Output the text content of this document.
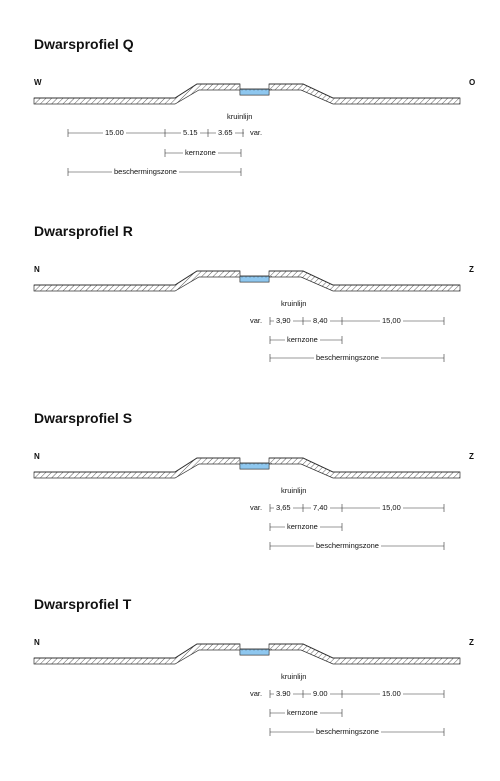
Dwarsprofiel Q
W	O
kruinlijn
15.00	5.15	3.65 var.
kernzone
beschermingszone
Dwarsprofiel R
N	Z
kruinlijn
var. 3,90	8,40	15,00
kernzone
beschermingszone
Dwarsprofiel S
N	Z
kruinlijn
var. 3,65	7,40	15,00
kernzone
beschermingszone
Dwarsprofiel T
N	Z
kruinlijn
var. 3.90	9.00	15.00
kernzone
beschermingszone
